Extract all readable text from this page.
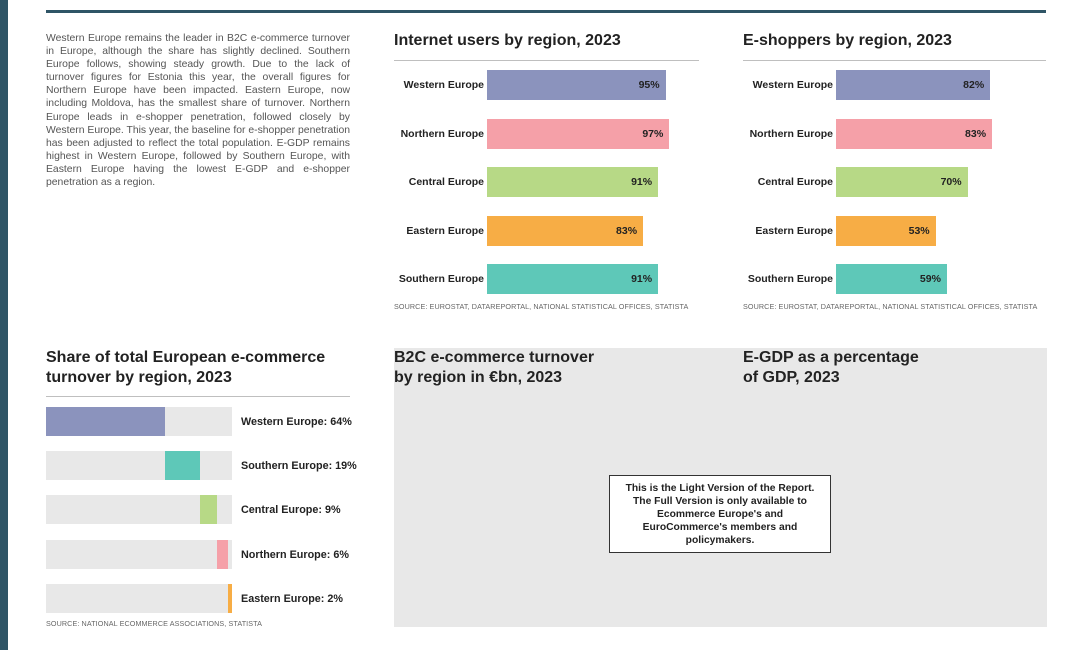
Western Europe remains the leader in B2C e-commerce turnover in Europe, although the share has slightly declined. Southern Europe follows, showing steady growth. Due to the lack of turnover figures for Estonia this year, the overall figures for Northern Europe have been impacted. Eastern Europe, now including Moldova, has the smallest share of turnover. Northern Europe leads in e-shopper penetration, followed closely by Western Europe. This year, the baseline for e-shopper penetration has been adjusted to reflect the total population. E-GDP remains highest in Western Europe, followed by Southern Europe, with Eastern Europe having the lowest E-GDP and e-shopper penetration as a region.

Internet users by region, 2023
Western Europe	95%
Northern Europe	97%
Central Europe	91%
Eastern Europe	83%
Southern Europe	91%
SOURCE: EUROSTAT, DATAREPORTAL, NATIONAL STATISTICAL OFFICES, STATISTA
E-shoppers by region, 2023
Western Europe	82%
Northern Europe	83%
Central Europe	70%
Eastern Europe	53%
Southern Europe	59%
SOURCE: EUROSTAT, DATAREPORTAL, NATIONAL STATISTICAL OFFICES, STATISTA
Share of total European e-commerce
turnover by region, 2023
Western Europe: 64%
Southern Europe: 19%
Central Europe: 9%
Northern Europe: 6%
Eastern Europe: 2%
SOURCE: NATIONAL ECOMMERCE ASSOCIATIONS, STATISTA
B2C e-commerce turnover
by region in €bn, 2023
E-GDP as a percentage
of GDP, 2023
This is the Light Version of the Report. The Full Version is only available to Ecommerce Europe's and EuroCommerce's members and policymakers.
